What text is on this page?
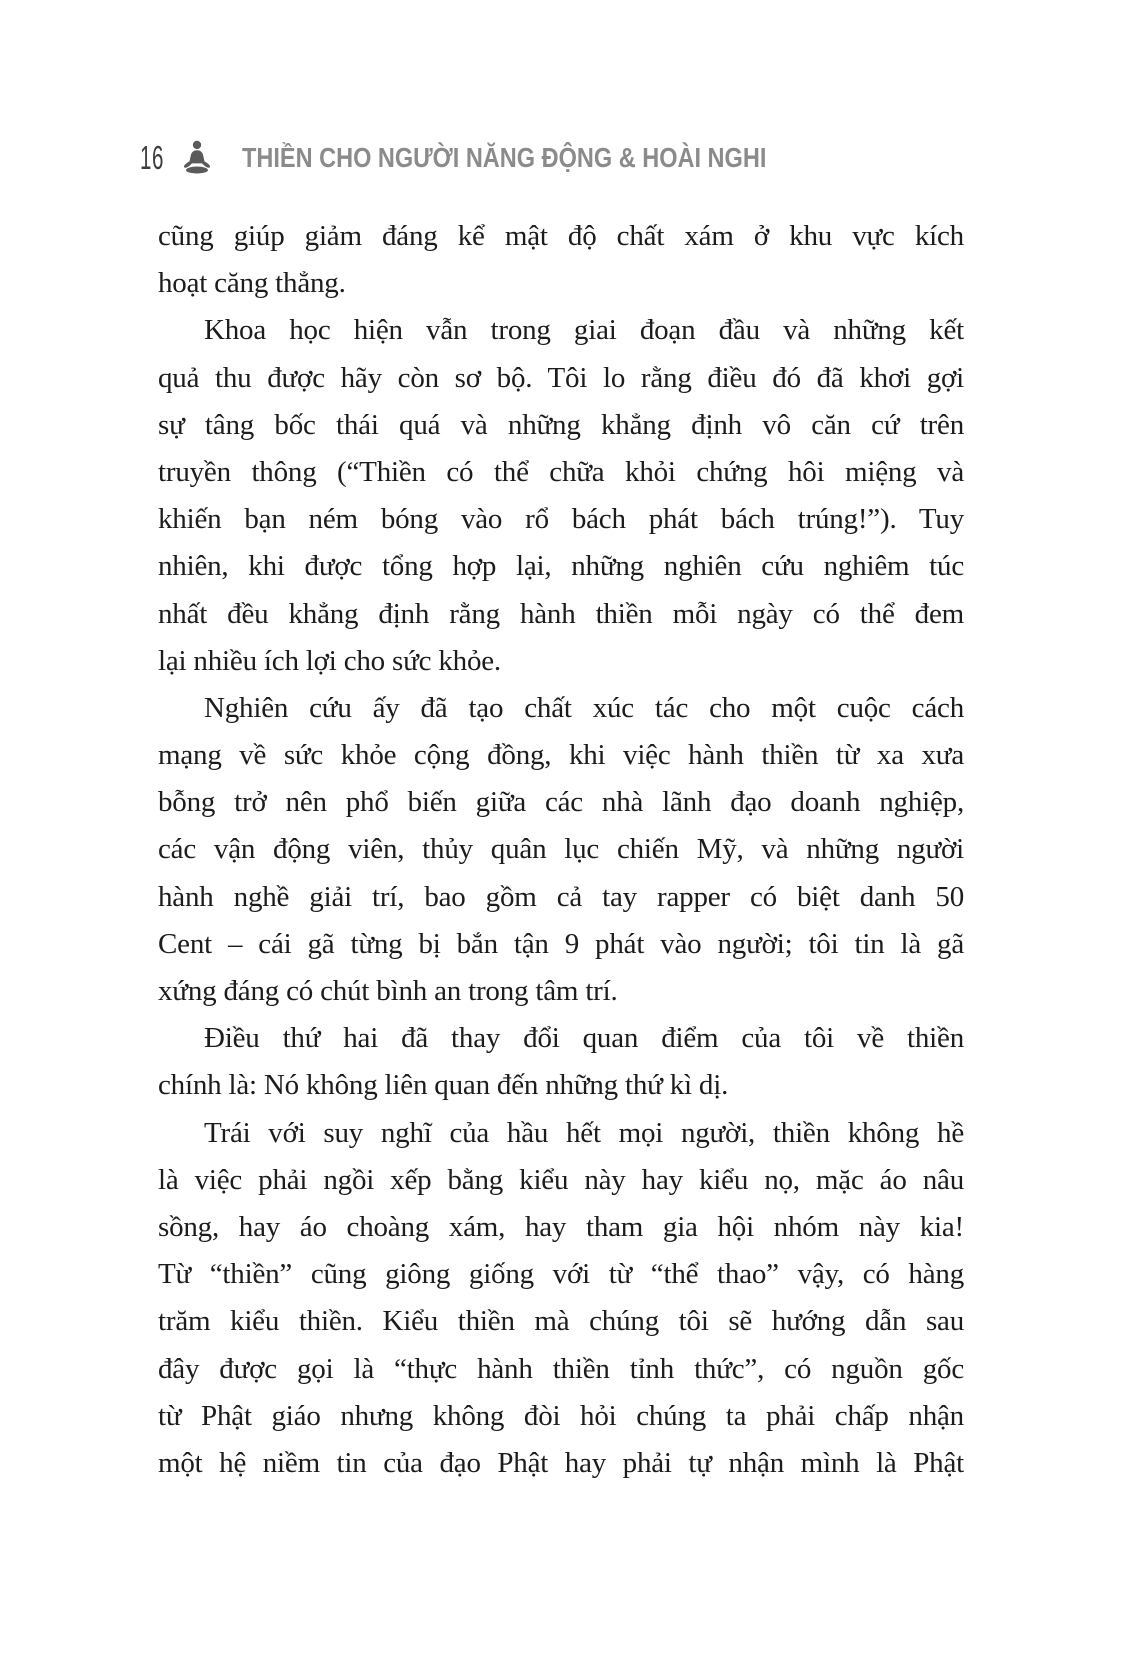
16	THIỀN CHO NGƯỜI NĂNG ĐỘNG & HOÀI NGHI
cũng giúp giảm đáng kể mật độ chất xám ở khu vực kích
hoạt căng thẳng.
Khoa học hiện vẫn trong giai đoạn đầu và những kết
quả thu được hãy còn sơ bộ. Tôi lo rằng điều đó đã khơi gợi
sự tâng bốc thái quá và những khẳng định vô căn cứ trên
truyền thông (“Thiền có thể chữa khỏi chứng hôi miệng và
khiến bạn ném bóng vào rổ bách phát bách trúng!”). Tuy
nhiên, khi được tổng hợp lại, những nghiên cứu nghiêm túc
nhất đều khẳng định rằng hành thiền mỗi ngày có thể đem
lại nhiều ích lợi cho sức khỏe.
Nghiên cứu ấy đã tạo chất xúc tác cho một cuộc cách
mạng về sức khỏe cộng đồng, khi việc hành thiền từ xa xưa
bỗng trở nên phổ biến giữa các nhà lãnh đạo doanh nghiệp,
các vận động viên, thủy quân lục chiến Mỹ, và những người
hành nghề giải trí, bao gồm cả tay rapper có biệt danh 50
Cent – cái gã từng bị bắn tận 9 phát vào người; tôi tin là gã
xứng đáng có chút bình an trong tâm trí.
Điều thứ hai đã thay đổi quan điểm của tôi về thiền
chính là: Nó không liên quan đến những thứ kì dị.
Trái với suy nghĩ của hầu hết mọi người, thiền không hề
là việc phải ngồi xếp bằng kiểu này hay kiểu nọ, mặc áo nâu
sồng, hay áo choàng xám, hay tham gia hội nhóm này kia!
Từ “thiền” cũng giông giống với từ “thể thao” vậy, có hàng
trăm kiểu thiền. Kiểu thiền mà chúng tôi sẽ hướng dẫn sau
đây được gọi là “thực hành thiền tỉnh thức”, có nguồn gốc
từ Phật giáo nhưng không đòi hỏi chúng ta phải chấp nhận
một hệ niềm tin của đạo Phật hay phải tự nhận mình là Phật
